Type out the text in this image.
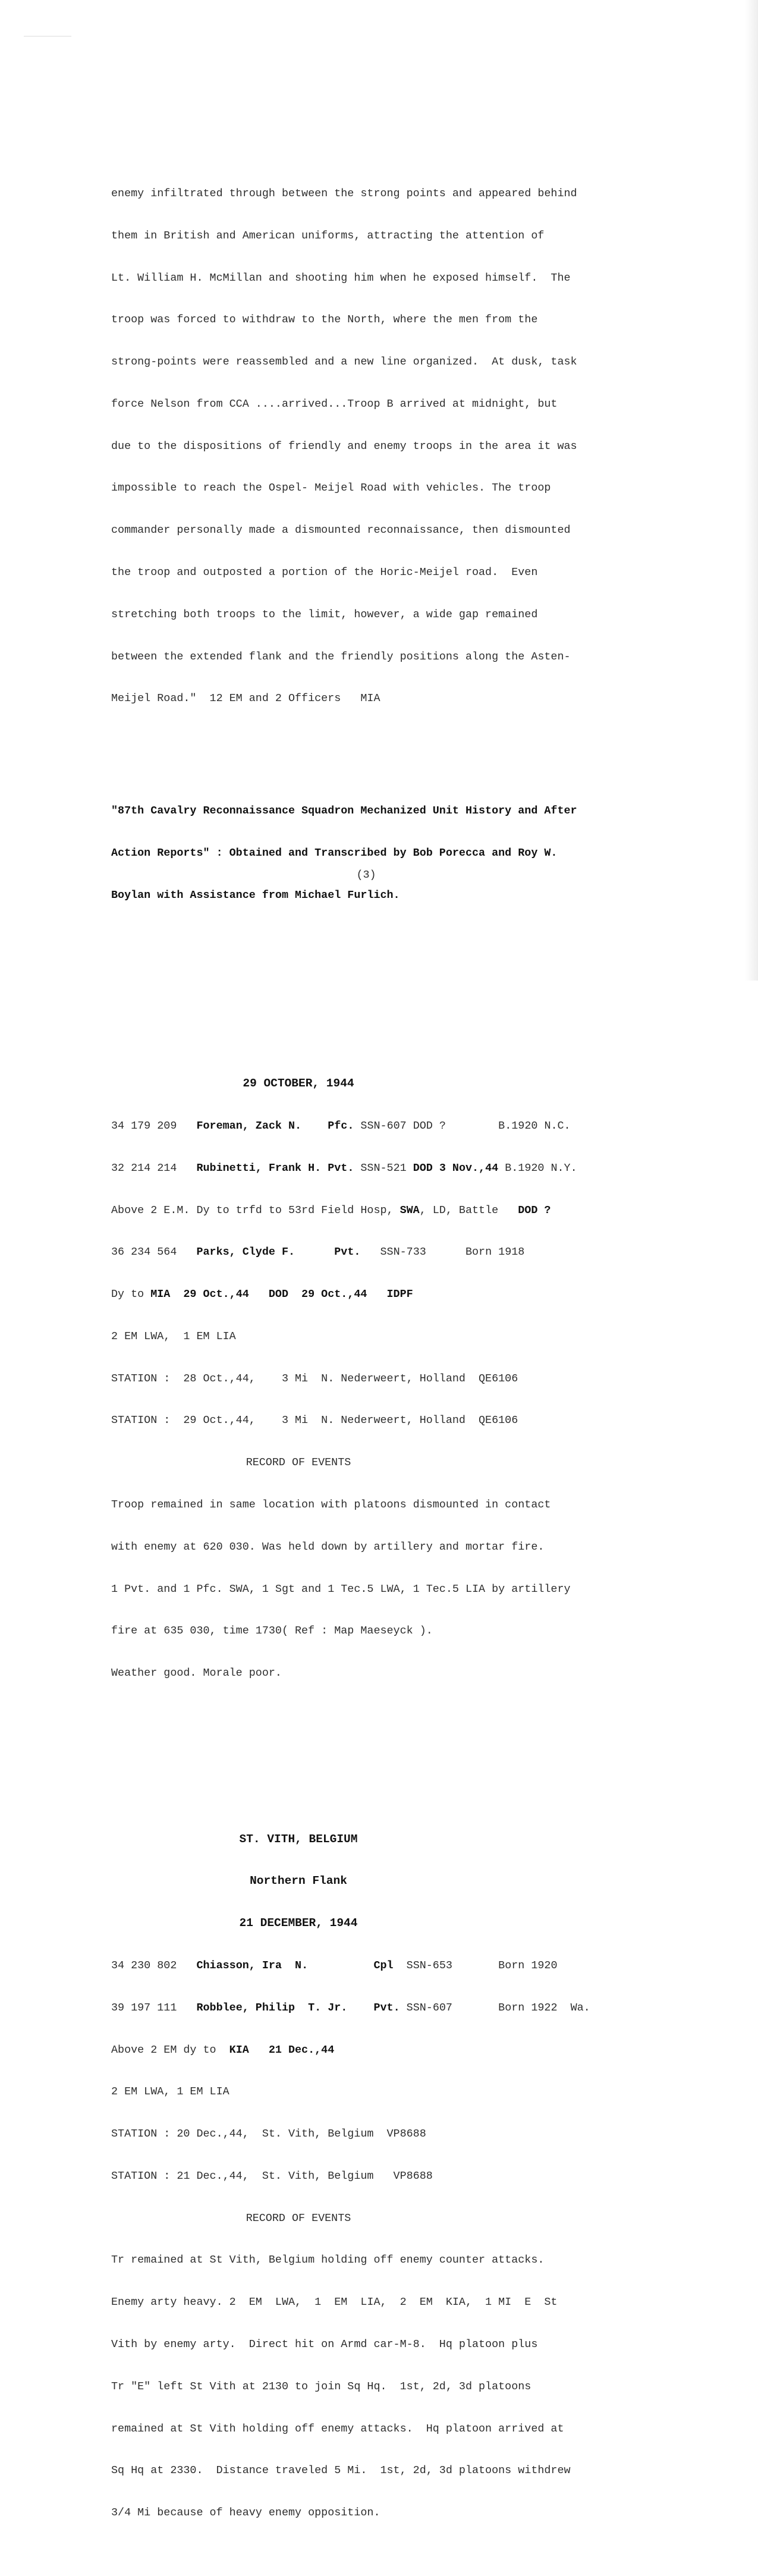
enemy infiltrated through between the strong points and appeared behind

them in British and American uniforms, attracting the attention of

Lt. William H. McMillan and shooting him when he exposed himself.  The

troop was forced to withdraw to the North, where the men from the

strong-points were reassembled and a new line organized.  At dusk, task

force Nelson from CCA ....arrived...Troop B arrived at midnight, but

due to the dispositions of friendly and enemy troops in the area it was

impossible to reach the Ospel- Meijel Road with vehicles. The troop

commander personally made a dismounted reconnaissance, then dismounted

the troop and outposted a portion of the Horic-Meijel road.  Even

stretching both troops to the limit, however, a wide gap remained

between the extended flank and the friendly positions along the Asten-

Meijel Road."  12 EM and 2 Officers   MIA

"87th Cavalry Reconnaissance Squadron Mechanized Unit History and After

Action Reports" : Obtained and Transcribed by Bob Porecca and Roy W.

Boylan with Assistance from Michael Furlich.

29 OCTOBER, 1944

34 179 209   Foreman, Zack N. Pfc. SSN-607 DOD ?        B.1920 N.C.

32 214 214   Rubinetti, Frank H. Pvt. SSN-521 DOD 3 Nov.,44 B.1920 N.Y.

Above 2 E.M. Dy to trfd to 53rd Field Hosp, SWA, LD, Battle   DOD ?

36 234 564   Parks, Clyde F.	Pvt.   SSN-733      Born 1918

Dy to MIA  29 Oct.,44   DOD  29 Oct.,44   IDPF

2 EM LWA,  1 EM LIA

STATION :  28 Oct.,44,    3 Mi  N. Nederweert, Holland  QE6106

STATION :  29 Oct.,44,    3 Mi  N. Nederweert, Holland  QE6106

RECORD OF EVENTS

Troop remained in same location with platoons dismounted in contact

with enemy at 620 030. Was held down by artillery and mortar fire.

1 Pvt. and 1 Pfc. SWA, 1 Sgt and 1 Tec.5 LWA, 1 Tec.5 LIA by artillery

fire at 635 030, time 1730( Ref : Map Maeseyck ).

Weather good. Morale poor.

ST. VITH, BELGIUM

Northern Flank

21 DECEMBER, 1944

34 230 802   Chiasson, Ira  N.	Cpl  SSN-653       Born 1920

39 197 111   Robblee, Philip  T. Jr. Pvt. SSN-607       Born 1922  Wa.

Above 2 EM dy to  KIA   21 Dec.,44

2 EM LWA, 1 EM LIA

STATION : 20 Dec.,44,  St. Vith, Belgium  VP8688

STATION : 21 Dec.,44,  St. Vith, Belgium   VP8688

RECORD OF EVENTS

Tr remained at St Vith, Belgium holding off enemy counter attacks.

Enemy arty heavy. 2  EM  LWA,  1  EM  LIA,  2  EM  KIA,  1 MI  E  St

Vith by enemy arty.  Direct hit on Armd car-M-8.  Hq platoon plus

Tr "E" left St Vith at 2130 to join Sq Hq.  1st, 2d, 3d platoons

remained at St Vith holding off enemy attacks.  Hq platoon arrived at

Sq Hq at 2330.  Distance traveled 5 Mi.  1st, 2d, 3d platoons withdrew

3/4 Mi because of heavy enemy opposition.

(3)
